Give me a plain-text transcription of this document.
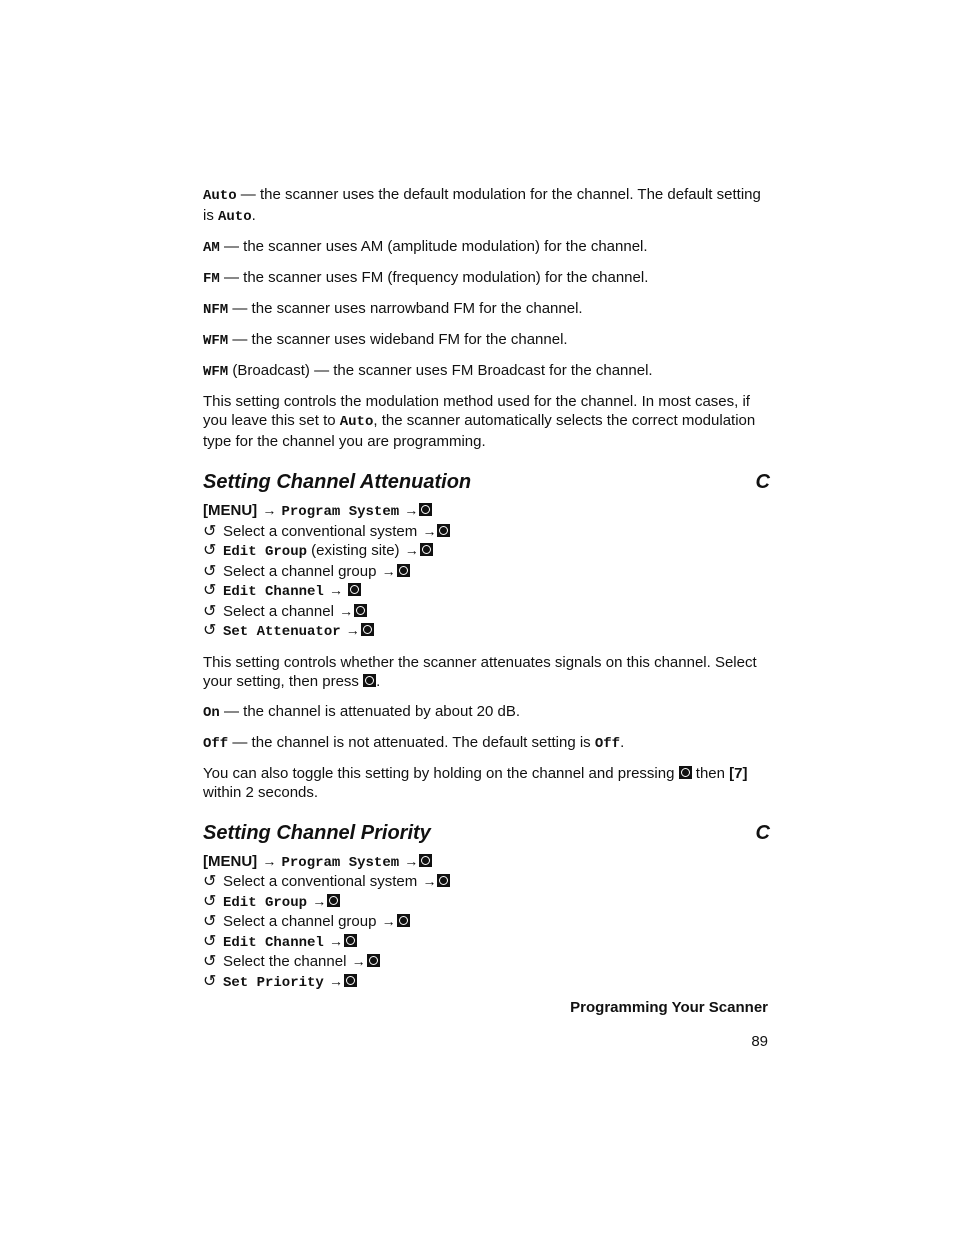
Auto — the scanner uses the default modulation for the channel. The default setting is Auto.

AM — the scanner uses AM (amplitude modulation) for the channel.

FM — the scanner uses FM (frequency modulation) for the channel.

NFM — the scanner uses narrowband FM for the channel.

WFM — the scanner uses wideband FM for the channel.

WFM (Broadcast) — the scanner uses FM Broadcast for the channel.

This setting controls the modulation method used for the channel. In most cases, if you leave this set to Auto, the scanner automatically selects the correct modulation type for the channel you are programming.

Setting Channel Attenuation	C
[MENU] → Program System →
↺ Select a conventional system →
↺ Edit Group (existing site) →
↺ Select a channel group →
↺ Edit Channel →
↺ Select a channel →
↺ Set Attenuator →

This setting controls whether the scanner attenuates signals on this channel. Select your setting, then press .

On — the channel is attenuated by about 20 dB.

Off — the channel is not attenuated. The default setting is Off.

You can also toggle this setting by holding on the channel and pressing  then [7] within 2 seconds.

Setting Channel Priority	C
[MENU] → Program System →
↺ Select a conventional system →
↺ Edit Group →
↺ Select a channel group →
↺ Edit Channel →
↺ Select the channel →
↺ Set Priority →
Programming Your Scanner
89
